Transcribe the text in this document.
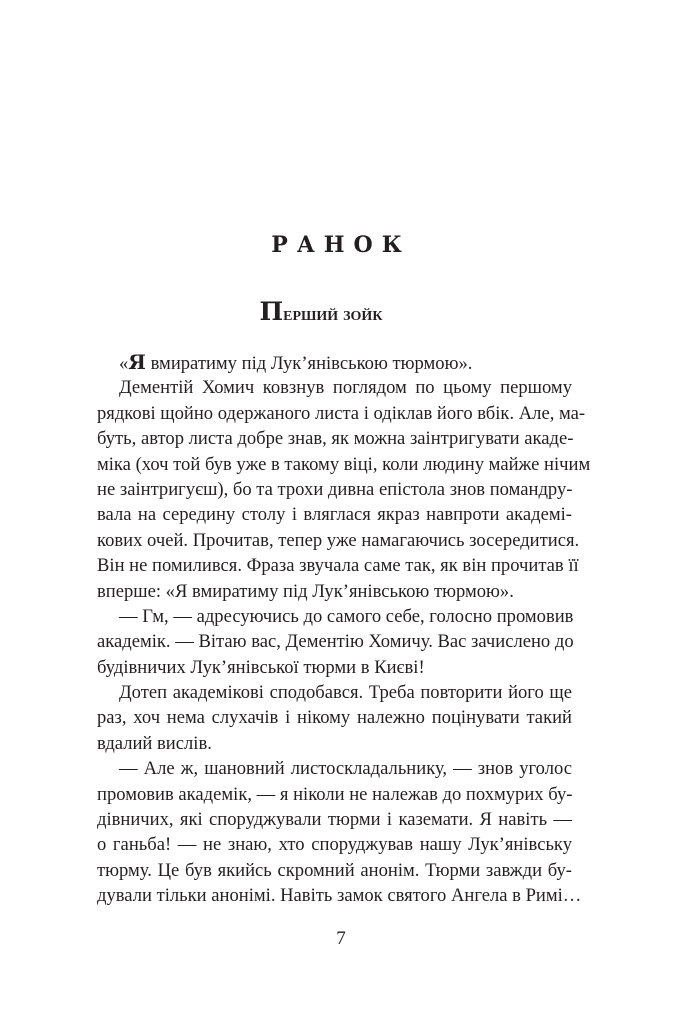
РАНОК
Перший зойк
«Я вмиратиму під Лук’янівською тюрмою».
Дементій Хомич ковзнув поглядом по цьому першому
рядкові щойно одержаного листа і одіклав його вбік. Але, ма-
буть, автор листа добре знав, як можна заінтригувати акаде-
міка (хоч той був уже в такому віці, коли людину майже нічим
не заінтригуєш), бо та трохи дивна епістола знов помандру-
вала на середину столу і вляглася якраз навпроти академі-
кових очей. Прочитав, тепер уже намагаючись зосередитися.
Він не помилився. Фраза звучала саме так, як він прочитав її
вперше: «Я вмиратиму під Лук’янівською тюрмою».
— Гм, — адресуючись до самого себе, голосно промовив
академік. — Вітаю вас, Дементію Хомичу. Вас зачислено до
будівничих Лук’янівської тюрми в Києві!
Дотеп академікові сподобався. Треба повторити його ще
раз, хоч нема слухачів і нікому належно поцінувати такий
вдалий вислів.
— Але ж, шановний листоскладальнику, — знов уголос
промовив академік, — я ніколи не належав до похмурих бу-
дівничих, які споруджували тюрми і каземати. Я навіть —
о ганьба! — не знаю, хто споруджував нашу Лук’янівську
тюрму. Це був якийсь скромний анонім. Тюрми завжди бу-
дували тільки анонімі. Навіть замок святого Ангела в Римі…
7
